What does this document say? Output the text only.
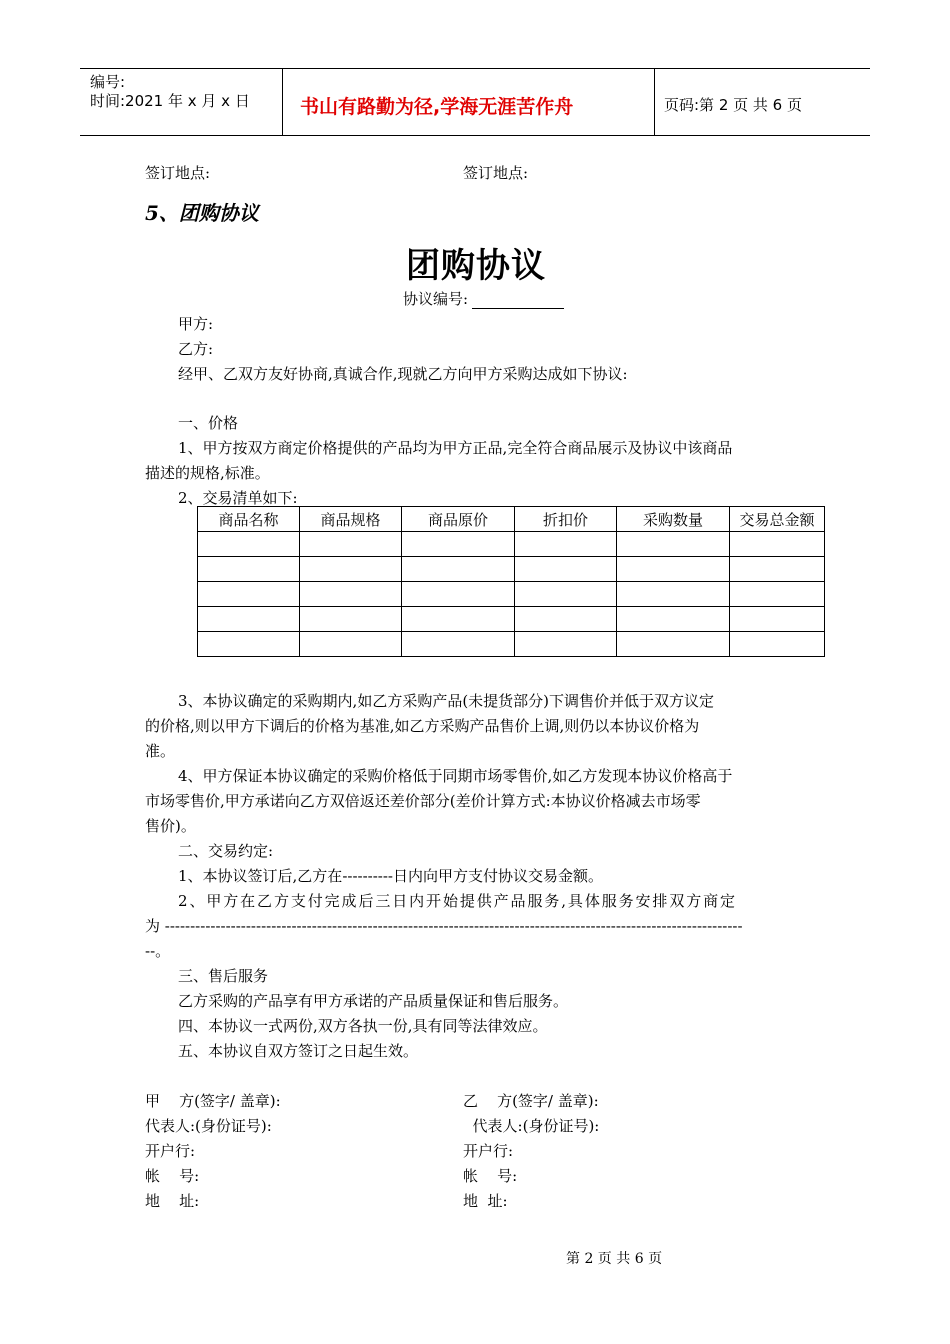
编号:
时间:2021 年 x 月 x 日	书山有路勤为径,学海无涯苦作舟	页码:第 2 页 共 6 页
签订地点:	签订地点:
5、团购协议
团购协议
协议编号:
甲方:
乙方:
经甲、乙双方友好协商,真诚合作,现就乙方向甲方采购达成如下协议:
一、价格
1、甲方按双方商定价格提供的产品均为甲方正品,完全符合商品展示及协议中该商品
描述的规格,标准。
2、交易清单如下:
商品名称	商品规格	商品原价	折扣价	采购数量	交易总金额

3、本协议确定的采购期内,如乙方采购产品(未提货部分)下调售价并低于双方议定
的价格,则以甲方下调后的价格为基准,如乙方采购产品售价上调,则仍以本协议价格为
准。
4、甲方保证本协议确定的采购价格低于同期市场零售价,如乙方发现本协议价格高于
市场零售价,甲方承诺向乙方双倍返还差价部分(差价计算方式:本协议价格减去市场零
售价)。
二、交易约定:
1、本协议签订后,乙方在----------日内向甲方支付协议交易金额。
2、甲方在乙方支付完成后三日内开始提供产品服务,具体服务安排双方商定
为 ------------------------------------------------------------------------------------------------------------------
--。
三、售后服务
乙方采购的产品享有甲方承诺的产品质量保证和售后服务。
四、本协议一式两份,双方各执一份,具有同等法律效应。
五、本协议自双方签订之日起生效。
甲    方(签字/ 盖章):
代表人:(身份证号):
开户行:
帐    号:
地    址:
乙    方(签字/ 盖章):
代表人:(身份证号):
开户行:
帐    号:
地  址:
第 2 页 共 6 页
